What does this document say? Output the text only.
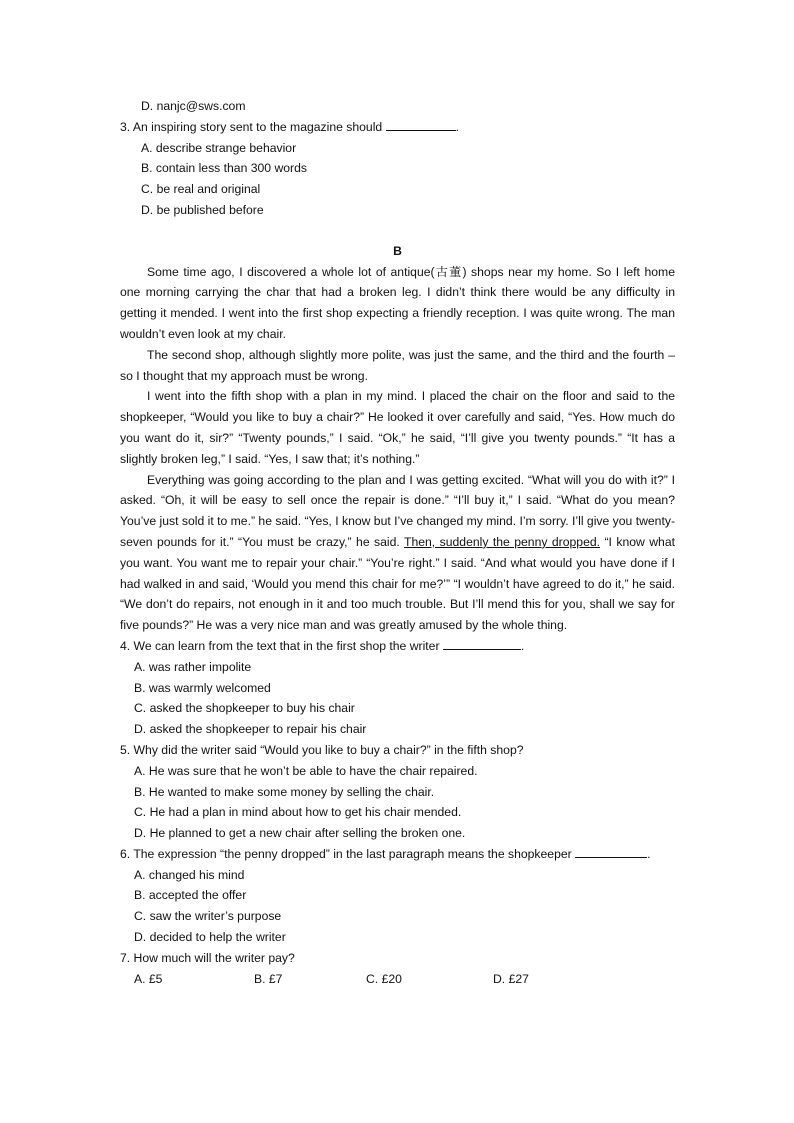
D. nanjc@sws.com
3. An inspiring story sent to the magazine should	.
A. describe strange behavior
B. contain less than 300 words
C. be real and original
D. be published before
B

Some time ago, I discovered a whole lot of antique(古董) shops near my home. So I left home one morning carrying the char that had a broken leg. I didn’t think there would be any difficulty in getting it mended. I went into the first shop expecting a friendly reception. I was quite wrong. The man wouldn’t even look at my chair.

The second shop, although slightly more polite, was just the same, and the third and the fourth –so I thought that my approach must be wrong.

I went into the fifth shop with a plan in my mind. I placed the chair on the floor and said to the shopkeeper, “Would you like to buy a chair?” He looked it over carefully and said, “Yes. How much do you want do it, sir?” “Twenty pounds,” I said. “Ok,” he said, “I’ll give you twenty pounds.” “It has a slightly broken leg,” I said. “Yes, I saw that; it’s nothing.”

Everything was going according to the plan and I was getting excited. “What will you do with it?” I asked. “Oh, it will be easy to sell once the repair is done.” “I’ll buy it,” I said. “What do you mean? You’ve just sold it to me.” he said. “Yes, I know but I’ve changed my mind. I’m sorry. I’ll give you twenty-seven pounds for it.” “You must be crazy,” he said. Then, suddenly the penny dropped. “I know what you want. You want me to repair your chair.” “You’re right.” I said. “And what would you have done if I had walked in and said, ‘Would you mend this chair for me?’” “I wouldn’t have agreed to do it,” he said. “We don’t do repairs, not enough in it and too much trouble. But I’ll mend this for you, shall we say for five pounds?” He was a very nice man and was greatly amused by the whole thing.

4. We can learn from the text that in the first shop the writer	.
A. was rather impolite
B. was warmly welcomed
C. asked the shopkeeper to buy his chair
D. asked the shopkeeper to repair his chair
5. Why did the writer said “Would you like to buy a chair?” in the fifth shop?
A. He was sure that he won’t be able to have the chair repaired.
B. He wanted to make some money by selling the chair.
C. He had a plan in mind about how to get his chair mended.
D. He planned to get a new chair after selling the broken one.
6. The expression “the penny dropped” in the last paragraph means the shopkeeper	.
A. changed his mind
B. accepted the offer
C. saw the writer’s purpose
D. decided to help the writer
7. How much will the writer pay?
A. £5	B. £7	C. £20	D. £27
